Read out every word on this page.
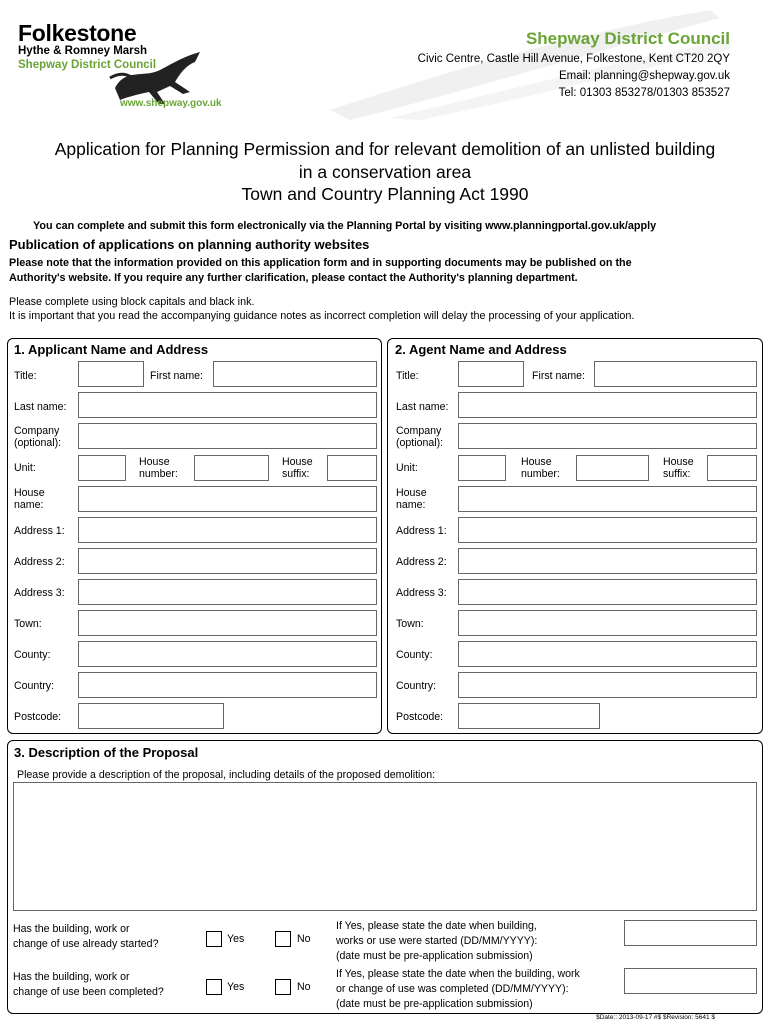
Folkestone
Hythe & Romney Marsh
Shepway District Council
www.shepway.gov.uk
Shepway District Council
Civic Centre, Castle Hill Avenue, Folkestone, Kent CT20 2QY
Email: planning@shepway.gov.uk
Tel: 01303 853278/01303 853527
Application for Planning Permission and for relevant demolition of an unlisted building
in a conservation area
Town and Country Planning Act 1990
You can complete and submit this form electronically via the Planning Portal by visiting www.planningportal.gov.uk/apply
Publication of applications on planning authority websites
Please note that the information provided on this application form and in supporting documents may be published on the
Authority's website. If you require any further clarification, please contact the Authority's planning department.
Please complete using block capitals and black ink.
It is important that you read the accompanying guidance notes as incorrect completion will delay the processing of your application.
1. Applicant Name and Address
Title:	First name:
Last name:
Company
(optional):
Unit:	House
number:
House
suffix:
House
name:
Address 1:
Address 2:
Address 3:
Town:
County:
Country:
Postcode:
2. Agent Name and Address
Title:	First name:
Last name:
Company
(optional):
Unit:	House
number:
House
suffix:
House
name:
Address 1:
Address 2:
Address 3:
Town:
County:
Country:
Postcode:
3. Description of the Proposal
Please provide a description of the proposal, including details of the proposed demolition:
Has the building, work or
change of use already started?	Yes	No
If Yes, please state the date when building,
works or use were started (DD/MM/YYYY):
(date must be pre-application submission)
Has the building, work or
change of use been completed?	Yes	No
If Yes, please state the date when the building, work
or change of use was completed (DD/MM/YYYY):
(date must be pre-application submission)
$Date:: 2013-09-17 #$ $Revision: 5641 $
